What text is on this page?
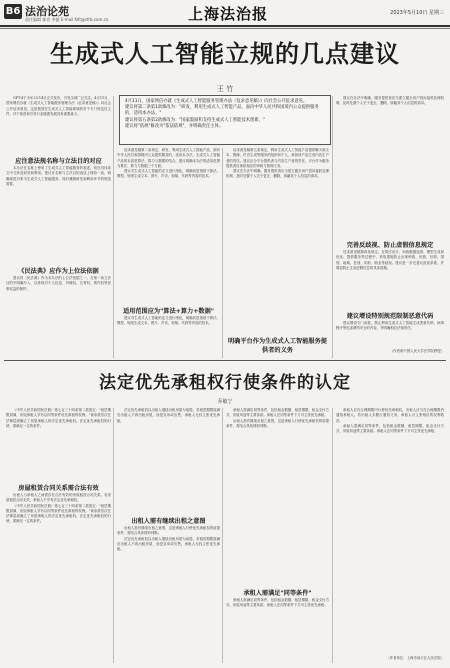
B6 法治论苑
责任编辑 郁音 李捷 E-mail:fzlt@sfrb.com.cn	上海法治报	2023年5月10日 星期三
生成式人工智能立规的几点建议
王 竹
4月11日，国家网信办就《生成式人工智能服务管理办法（征求意见稿）》向社会公开征求意见。
建议将第二条第1款修改为："研发、利用生成式人工智能产品，面向中华人民共和国境内公众提供服务的，适用本办法。"
建议将第五条第2款修改为："国家鼓励和支持生成式人工智能技术创新。"
建议将"依规"修改为"依法依规"，并明确责任主体。

GPT-4于今年3月14日正式发布，引发全球广泛关注。4月11日，国家网信办就《生成式人工智能服务管理办法（征求意见稿）》向社会公开征求意见。这是我国在生成式人工智能领域的首个专门规范性文件，对于规范和引导行业健康发展具有重要意义。

应注意法规名称与立法目的对应

本办法在名称上使用了生成式人工智能服务的表述，但在具体条文中又涉及研发和利用。建议在名称与立法目的表述上保持一致，明确规范对象为生成式人工智能服务，同时兼顾研发和利用环节的规范需要。

《民法典》应作为上位法依据

建议将《民法典》作为本办法的上位法依据之一，在第一条立法目的中明确写入，以体现对个人信息、肖像权、名誉权、著作权等民事权益的保护。

征求意见稿第二条规定，研发、利用生成式人工智能产品，面向中华人民共和国境内公众提供服务的，适用本办法。生成式人工智能产品的本质是算法、算力与数据的结合，建议明确本办法的适用范围为算法、算力与数据三个方面。

建议对生成式人工智能的定义进行细化，明确其是指基于算法、模型、规则生成文本、图片、声音、视频、代码等内容的技术。

适用范围应为"算法+算力+数据"

建议对生成式人工智能的定义进行细化，明确其是指基于算法、模型、规则生成文本、图片、声音、视频、代码等内容的技术。

征求意见稿第五条规定，利用生成式人工智能产品提供聊天和文本、图像、声音生成等服务的组织和个人，承担该产品生成内容生产者的责任。建议区分平台提供者与内容生产者的责任，平台作为服务提供者应承担相应的审核与管理义务。

建议在办法中明确，服务提供者应当建立健全用户投诉接收处理机制，及时处置个人关于更正、删除、屏蔽其个人信息的请求。

明确平台作为生成式人工智能服务提供者的义务

建议在办法中明确，服务提供者应当建立健全用户投诉接收处理机制，及时处置个人关于更正、删除、屏蔽其个人信息的请求。

完善反歧视、防止虚假信息规定

征求意见稿第四条规定，在算法设计、训练数据选择、模型生成和优化、提供服务等过程中，采取措施防止出现种族、民族、信仰、国别、地域、性别、年龄、职业等歧视。建议进一步完善反歧视条款，并增加防止生成虚假信息的具体措施。

建议增设特别规范限制恶意代码

建议增设专门条款，禁止利用生成式人工智能生成恶意代码、病毒程序等危害网络安全的内容，并明确相应法律责任。

（作者系中国人民大学法学院教授）
法定优先承租权行使条件的认定
乔敏宁

《中华人民共和国民法典》第七百三十四条第二款规定："租赁期限届满，房屋承租人享有以同等条件优先承租的权利。"该条款首次在法律层面确立了房屋承租人的法定优先承租权。法定优先承租权的行使，需满足一定的条件。

房屋租赁合同关系需合法有效

出租人与承租人之间需存在合法有效的房屋租赁合同关系。若房屋租赁合同无效，承租人不享有法定优先承租权。

《中华人民共和国民法典》第七百三十四条第二款规定："租赁期限届满，房屋承租人享有以同等条件优先承租的权利。"该条款首次在法律层面确立了房屋承租人的法定优先承租权。法定优先承租权的行使，需满足一定的条件。

法定优先承租权以出租人继续出租房屋为前提。若租赁期限届满后出租人不再出租房屋，而是自用或出售，承租人无权主张优先承租。

出租人需有继续出租之意图

出租人需有继续出租之意图，这是承租人行使优先承租权的前提条件，需结合具体情形判断。

法定优先承租权以出租人继续出租房屋为前提。若租赁期限届满后出租人不再出租房屋，而是自用或出售，承租人无权主张优先承租。

承租人需满足同等条件，包括租金数额、租赁期限、租金支付方式、房屋用途等主要条款。承租人在同等条件下方可主张优先承租。

出租人需有继续出租之意图，这是承租人行使优先承租权的前提条件，需结合具体情形判断。

承租人需满足"同等条件"

承租人需满足同等条件，包括租金数额、租赁期限、租金支付方式、房屋用途等主要条款。承租人在同等条件下方可主张优先承租。

承租人应在合理期限内行使优先承租权，出租人应当在合理期限内通知承租人。若出租人未履行通知义务，承租人可主张相应的权利救济。

承租人需满足同等条件，包括租金数额、租赁期限、租金支付方式、房屋用途等主要条款。承租人在同等条件下方可主张优先承租。

（作者单位：上海市闵行区人民法院）
